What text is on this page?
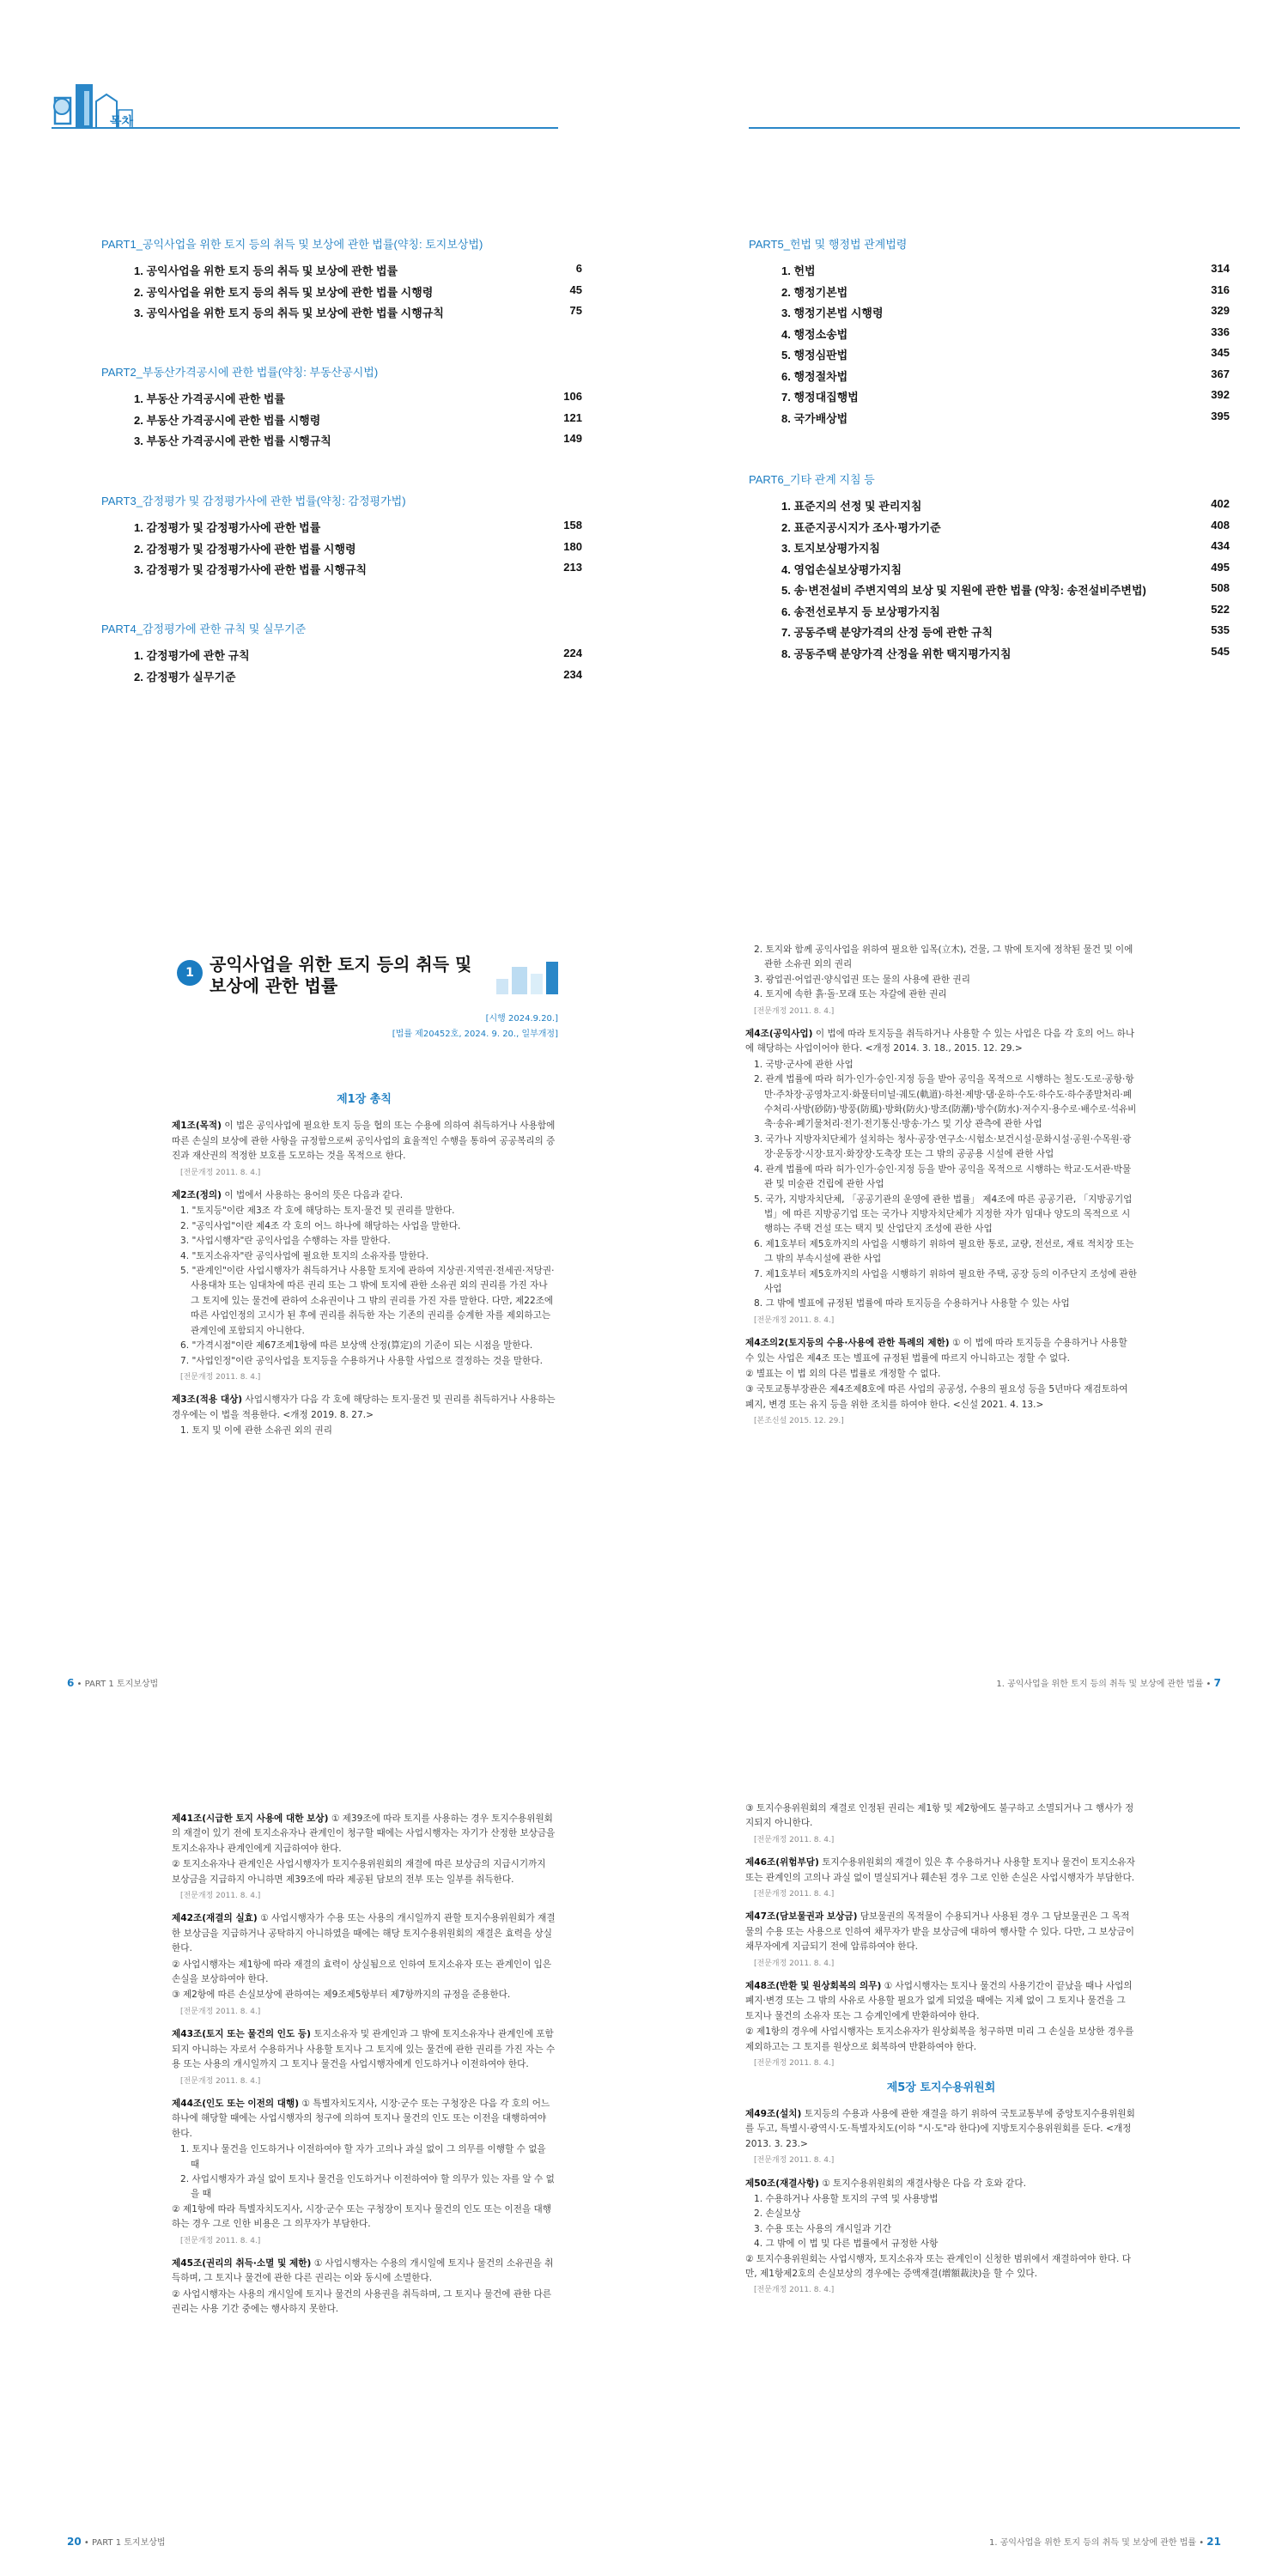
목차
PART1_공익사업을 위한 토지 등의 취득 및 보상에 관한 법률(약칭: 토지보상법)
1. 공익사업을 위한 토지 등의 취득 및 보상에 관한 법률	6
2. 공익사업을 위한 토지 등의 취득 및 보상에 관한 법률 시행령	45
3. 공익사업을 위한 토지 등의 취득 및 보상에 관한 법률 시행규칙	75
PART2_부동산가격공시에 관한 법률(약칭: 부동산공시법)
1. 부동산 가격공시에 관한 법률	106
2. 부동산 가격공시에 관한 법률 시행령	121
3. 부동산 가격공시에 관한 법률 시행규칙	149
PART3_감정평가 및 감정평가사에 관한 법률(약칭: 감정평가법)
1. 감정평가 및 감정평가사에 관한 법률	158
2. 감정평가 및 감정평가사에 관한 법률 시행령	180
3. 감정평가 및 감정평가사에 관한 법률 시행규칙	213
PART4_감정평가에 관한 규칙 및 실무기준
1. 감정평가에 관한 규칙	224
2. 감정평가 실무기준	234
PART5_헌법 및 행정법 관계법령
1. 헌법	314
2. 행정기본법	316
3. 행정기본법 시행령	329
4. 행정소송법	336
5. 행정심판법	345
6. 행정절차법	367
7. 행정대집행법	392
8. 국가배상법	395
PART6_기타 관계 지침 등
1. 표준지의 선정 및 관리지침	402
2. 표준지공시지가 조사·평가기준	408
3. 토지보상평가지침	434
4. 영업손실보상평가지침	495
5. 송·변전설비 주변지역의 보상 및 지원에 관한 법률 (약칭: 송전설비주변법)	508
6. 송전선로부지 등 보상평가지침	522
7. 공동주택 분양가격의 산정 등에 관한 규칙	535
8. 공동주택 분양가격 산정을 위한 택지평가지침	545
1 공익사업을 위한 토지 등의 취득 및
보상에 관한 법률
[시행 2024.9.20.]
[법률 제20452호, 2024. 9. 20., 일부개정]
제1장 총칙

제1조(목적) 이 법은 공익사업에 필요한 토지 등을 협의 또는 수용에 의하여 취득하거나 사용함에 따른 손실의 보상에 관한 사항을 규정함으로써 공익사업의 효율적인 수행을 통하여 공공복리의 증진과 재산권의 적정한 보호를 도모하는 것을 목적으로 한다.

[전문개정 2011. 8. 4.]

제2조(정의) 이 법에서 사용하는 용어의 뜻은 다음과 같다.

1. "토지등"이란 제3조 각 호에 해당하는 토지·물건 및 권리를 말한다.
2. "공익사업"이란 제4조 각 호의 어느 하나에 해당하는 사업을 말한다.
3. "사업시행자"란 공익사업을 수행하는 자를 말한다.
4. "토지소유자"란 공익사업에 필요한 토지의 소유자를 말한다.
5. "관계인"이란 사업시행자가 취득하거나 사용할 토지에 관하여 지상권·지역권·전세권·저당권·사용대차 또는 임대차에 따른 권리 또는 그 밖에 토지에 관한 소유권 외의 권리를 가진 자나 그 토지에 있는 물건에 관하여 소유권이나 그 밖의 권리를 가진 자를 말한다. 다만, 제22조에 따른 사업인정의 고시가 된 후에 권리를 취득한 자는 기존의 권리를 승계한 자를 제외하고는 관계인에 포함되지 아니한다.
6. "가격시점"이란 제67조제1항에 따른 보상액 산정(算定)의 기준이 되는 시점을 말한다.
7. "사업인정"이란 공익사업을 토지등을 수용하거나 사용할 사업으로 결정하는 것을 말한다.
[전문개정 2011. 8. 4.]

제3조(적용 대상) 사업시행자가 다음 각 호에 해당하는 토지·물건 및 권리를 취득하거나 사용하는 경우에는 이 법을 적용한다. <개정 2019. 8. 27.>

1. 토지 및 이에 관한 소유권 외의 권리
6 • PART 1 토지보상법
2. 토지와 함께 공익사업을 위하여 필요한 입목(立木), 건물, 그 밖에 토지에 정착된 물건 및 이에 관한 소유권 외의 권리
3. 광업권·어업권·양식업권 또는 물의 사용에 관한 권리
4. 토지에 속한 흙·돌·모래 또는 자갈에 관한 권리
[전문개정 2011. 8. 4.]

제4조(공익사업) 이 법에 따라 토지등을 취득하거나 사용할 수 있는 사업은 다음 각 호의 어느 하나에 해당하는 사업이어야 한다. <개정 2014. 3. 18., 2015. 12. 29.>

1. 국방·군사에 관한 사업
2. 관계 법률에 따라 허가·인가·승인·지정 등을 받아 공익을 목적으로 시행하는 철도·도로·공항·항만·주차장·공영차고지·화물터미널·궤도(軌道)·하천·제방·댐·운하·수도·하수도·하수종말처리·폐수처리·사방(砂防)·방풍(防風)·방화(防火)·방조(防潮)·방수(防水)·저수지·용수로·배수로·석유비축·송유·폐기물처리·전기·전기통신·방송·가스 및 기상 관측에 관한 사업
3. 국가나 지방자치단체가 설치하는 청사·공장·연구소·시험소·보건시설·문화시설·공원·수목원·광장·운동장·시장·묘지·화장장·도축장 또는 그 밖의 공공용 시설에 관한 사업
4. 관계 법률에 따라 허가·인가·승인·지정 등을 받아 공익을 목적으로 시행하는 학교·도서관·박물관 및 미술관 건립에 관한 사업
5. 국가, 지방자치단체, 「공공기관의 운영에 관한 법률」 제4조에 따른 공공기관, 「지방공기업법」에 따른 지방공기업 또는 국가나 지방자치단체가 지정한 자가 임대나 양도의 목적으로 시행하는 주택 건설 또는 택지 및 산업단지 조성에 관한 사업
6. 제1호부터 제5호까지의 사업을 시행하기 위하여 필요한 통로, 교량, 전선로, 재료 적치장 또는 그 밖의 부속시설에 관한 사업
7. 제1호부터 제5호까지의 사업을 시행하기 위하여 필요한 주택, 공장 등의 이주단지 조성에 관한 사업
8. 그 밖에 별표에 규정된 법률에 따라 토지등을 수용하거나 사용할 수 있는 사업
[전문개정 2011. 8. 4.]

제4조의2(토지등의 수용·사용에 관한 특례의 제한) ① 이 법에 따라 토지등을 수용하거나 사용할 수 있는 사업은 제4조 또는 별표에 규정된 법률에 따르지 아니하고는 정할 수 없다.

② 별표는 이 법 외의 다른 법률로 개정할 수 없다.

③ 국토교통부장관은 제4조제8호에 따른 사업의 공공성, 수용의 필요성 등을 5년마다 재검토하여 폐지, 변경 또는 유지 등을 위한 조치를 하여야 한다. <신설 2021. 4. 13.>

[본조신설 2015. 12. 29.]
1. 공익사업을 위한 토지 등의 취득 및 보상에 관한 법률 • 7

제41조(시급한 토지 사용에 대한 보상) ① 제39조에 따라 토지를 사용하는 경우 토지수용위원회의 재결이 있기 전에 토지소유자나 관계인이 청구할 때에는 사업시행자는 자기가 산정한 보상금을 토지소유자나 관계인에게 지급하여야 한다.

② 토지소유자나 관계인은 사업시행자가 토지수용위원회의 재결에 따른 보상금의 지급시기까지 보상금을 지급하지 아니하면 제39조에 따라 제공된 담보의 전부 또는 일부를 취득한다.

[전문개정 2011. 8. 4.]

제42조(재결의 실효) ① 사업시행자가 수용 또는 사용의 개시일까지 관할 토지수용위원회가 재결한 보상금을 지급하거나 공탁하지 아니하였을 때에는 해당 토지수용위원회의 재결은 효력을 상실한다.

② 사업시행자는 제1항에 따라 재결의 효력이 상실됨으로 인하여 토지소유자 또는 관계인이 입은 손실을 보상하여야 한다.

③ 제2항에 따른 손실보상에 관하여는 제9조제5항부터 제7항까지의 규정을 준용한다.

[전문개정 2011. 8. 4.]

제43조(토지 또는 물건의 인도 등) 토지소유자 및 관계인과 그 밖에 토지소유자나 관계인에 포함되지 아니하는 자로서 수용하거나 사용할 토지나 그 토지에 있는 물건에 관한 권리를 가진 자는 수용 또는 사용의 개시일까지 그 토지나 물건을 사업시행자에게 인도하거나 이전하여야 한다.

[전문개정 2011. 8. 4.]

제44조(인도 또는 이전의 대행) ① 특별자치도지사, 시장·군수 또는 구청장은 다음 각 호의 어느 하나에 해당할 때에는 사업시행자의 청구에 의하여 토지나 물건의 인도 또는 이전을 대행하여야 한다.

1. 토지나 물건을 인도하거나 이전하여야 할 자가 고의나 과실 없이 그 의무를 이행할 수 없을 때
2. 사업시행자가 과실 없이 토지나 물건을 인도하거나 이전하여야 할 의무가 있는 자를 알 수 없을 때

② 제1항에 따라 특별자치도지사, 시장·군수 또는 구청장이 토지나 물건의 인도 또는 이전을 대행하는 경우 그로 인한 비용은 그 의무자가 부담한다.

[전문개정 2011. 8. 4.]

제45조(권리의 취득·소멸 및 제한) ① 사업시행자는 수용의 개시일에 토지나 물건의 소유권을 취득하며, 그 토지나 물건에 관한 다른 권리는 이와 동시에 소멸한다.

② 사업시행자는 사용의 개시일에 토지나 물건의 사용권을 취득하며, 그 토지나 물건에 관한 다른 권리는 사용 기간 중에는 행사하지 못한다.

20 • PART 1 토지보상법

③ 토지수용위원회의 재결로 인정된 권리는 제1항 및 제2항에도 불구하고 소멸되거나 그 행사가 정지되지 아니한다.

[전문개정 2011. 8. 4.]

제46조(위험부담) 토지수용위원회의 재결이 있은 후 수용하거나 사용할 토지나 물건이 토지소유자 또는 관계인의 고의나 과실 없이 멸실되거나 훼손된 경우 그로 인한 손실은 사업시행자가 부담한다.

[전문개정 2011. 8. 4.]

제47조(담보물권과 보상금) 담보물권의 목적물이 수용되거나 사용된 경우 그 담보물권은 그 목적물의 수용 또는 사용으로 인하여 채무자가 받을 보상금에 대하여 행사할 수 있다. 다만, 그 보상금이 채무자에게 지급되기 전에 압류하여야 한다.

[전문개정 2011. 8. 4.]

제48조(반환 및 원상회복의 의무) ① 사업시행자는 토지나 물건의 사용기간이 끝났을 때나 사업의 폐지·변경 또는 그 밖의 사유로 사용할 필요가 없게 되었을 때에는 지체 없이 그 토지나 물건을 그 토지나 물건의 소유자 또는 그 승계인에게 반환하여야 한다.

② 제1항의 경우에 사업시행자는 토지소유자가 원상회복을 청구하면 미리 그 손실을 보상한 경우를 제외하고는 그 토지를 원상으로 회복하여 반환하여야 한다.

[전문개정 2011. 8. 4.]
제5장 토지수용위원회

제49조(설치) 토지등의 수용과 사용에 관한 재결을 하기 위하여 국토교통부에 중앙토지수용위원회를 두고, 특별시·광역시·도·특별자치도(이하 "시·도"라 한다)에 지방토지수용위원회를 둔다. <개정 2013. 3. 23.>

[전문개정 2011. 8. 4.]

제50조(재결사항) ① 토지수용위원회의 재결사항은 다음 각 호와 같다.

1. 수용하거나 사용할 토지의 구역 및 사용방법
2. 손실보상
3. 수용 또는 사용의 개시일과 기간
4. 그 밖에 이 법 및 다른 법률에서 규정한 사항

② 토지수용위원회는 사업시행자, 토지소유자 또는 관계인이 신청한 범위에서 재결하여야 한다. 다만, 제1항제2호의 손실보상의 경우에는 증액재결(增額裁決)을 할 수 있다.

[전문개정 2011. 8. 4.]
1. 공익사업을 위한 토지 등의 취득 및 보상에 관한 법률 • 21
